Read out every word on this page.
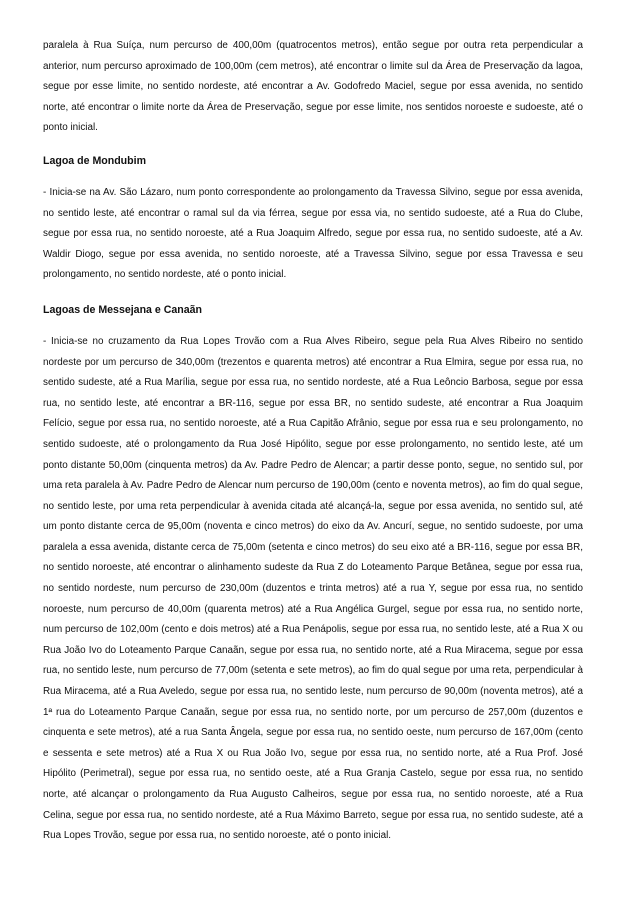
paralela à Rua Suíça, num percurso de 400,00m (quatrocentos metros), então segue por outra reta perpendicular a anterior, num percurso aproximado de 100,00m (cem metros), até encontrar o limite sul da Área de Preservação da lagoa, segue por esse limite, no sentido nordeste, até encontrar a Av. Godofredo Maciel, segue por essa avenida, no sentido norte, até encontrar o limite norte da Área de Preservação, segue por esse limite, nos sentidos noroeste e sudoeste, até o ponto inicial.

Lagoa de Mondubim

- Inicia-se na Av. São Lázaro, num ponto correspondente ao prolongamento da Travessa Silvino, segue por essa avenida, no sentido leste, até encontrar o ramal sul da via férrea, segue por essa via, no sentido sudoeste, até a Rua do Clube, segue por essa rua, no sentido noroeste, até a Rua Joaquim Alfredo, segue por essa rua, no sentido sudoeste, até a Av. Waldir Diogo, segue por essa avenida, no sentido noroeste, até a Travessa Silvino, segue por essa Travessa e seu prolongamento, no sentido nordeste, até o ponto inicial.

Lagoas de Messejana e Canaãn

- Inicia-se no cruzamento da Rua Lopes Trovão com a Rua Alves Ribeiro, segue pela Rua Alves Ribeiro no sentido nordeste por um percurso de 340,00m (trezentos e quarenta metros) até encontrar a Rua Elmira, segue por essa rua, no sentido sudeste, até a Rua Marília, segue por essa rua, no sentido nordeste, até a Rua Leôncio Barbosa, segue por essa rua, no sentido leste, até encontrar a BR-116, segue por essa BR, no sentido sudeste, até encontrar a Rua Joaquim Felício, segue por essa rua, no sentido noroeste, até a Rua Capitão Afrânio, segue por essa rua e seu prolongamento, no sentido sudoeste, até o prolongamento da Rua José Hipólito, segue por esse prolongamento, no sentido leste, até um ponto distante 50,00m (cinquenta metros) da Av. Padre Pedro de Alencar; a partir desse ponto, segue, no sentido sul, por uma reta paralela à Av. Padre Pedro de Alencar num percurso de 190,00m (cento e noventa metros), ao fim do qual segue, no sentido leste, por uma reta perpendicular à avenida citada até alcançá-la, segue por essa avenida, no sentido sul, até um ponto distante cerca de 95,00m (noventa e cinco metros) do eixo da Av. Ancurí, segue, no sentido sudoeste, por uma paralela a essa avenida, distante cerca de 75,00m (setenta e cinco metros) do seu eixo até a BR-116, segue por essa BR, no sentido noroeste, até encontrar o alinhamento sudeste da Rua Z do Loteamento Parque Betânea, segue por essa rua, no sentido nordeste, num percurso de 230,00m (duzentos e trinta metros) até a rua Y, segue por essa rua, no sentido noroeste, num percurso de 40,00m (quarenta metros) até a Rua Angélica Gurgel, segue por essa rua, no sentido norte, num percurso de 102,00m (cento e dois metros) até a Rua Penápolis, segue por essa rua, no sentido leste, até a Rua X ou Rua João Ivo do Loteamento Parque Canaãn, segue por essa rua, no sentido norte, até a Rua Miracema, segue por essa rua, no sentido leste, num percurso de 77,00m (setenta e sete metros), ao fim do qual segue por uma reta, perpendicular à Rua Miracema, até a Rua Aveledo, segue por essa rua, no sentido leste, num percurso de 90,00m (noventa metros), até a 1ª rua do Loteamento Parque Canaãn, segue por essa rua, no sentido norte, por um percurso de 257,00m (duzentos e cinquenta e sete metros), até a rua Santa Ângela, segue por essa rua, no sentido oeste, num percurso de 167,00m (cento e sessenta e sete metros) até a Rua X ou Rua João Ivo, segue por essa rua, no sentido norte, até a Rua Prof. José Hipólito (Perimetral), segue por essa rua, no sentido oeste, até a Rua Granja Castelo, segue por essa rua, no sentido norte, até alcançar o prolongamento da Rua Augusto Calheiros, segue por essa rua, no sentido noroeste, até a Rua Celina, segue por essa rua, no sentido nordeste, até a Rua Máximo Barreto, segue por essa rua, no sentido sudeste, até a Rua Lopes Trovão, segue por essa rua, no sentido noroeste, até o ponto inicial.
